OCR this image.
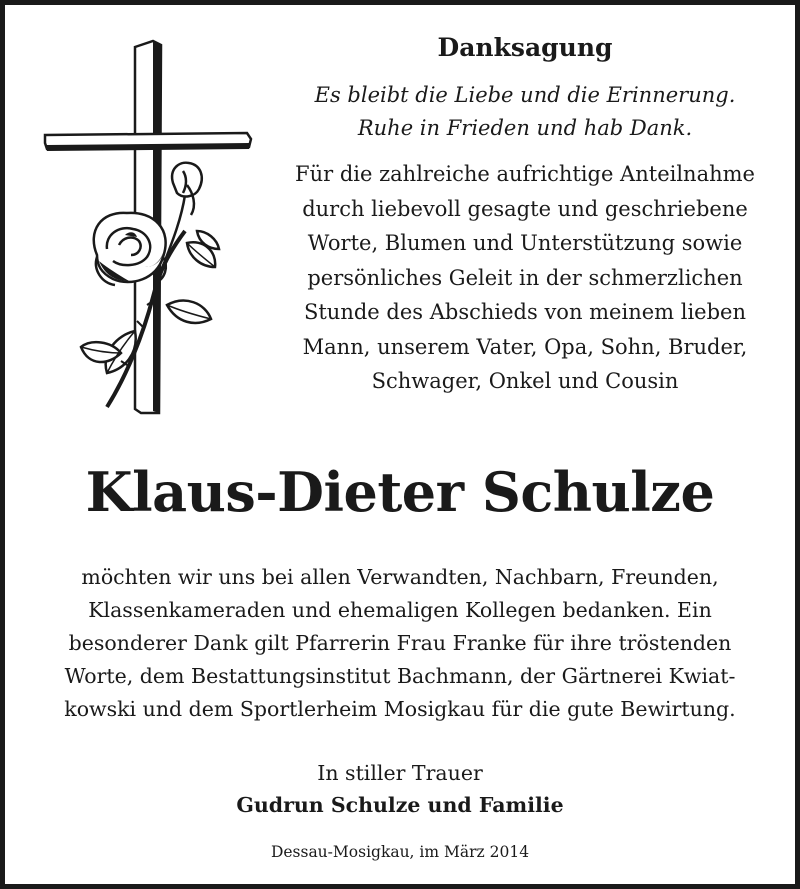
Danksagung
Es bleibt die Liebe und die Erinnerung.
Ruhe in Frieden und hab Dank.
Für die zahlreiche aufrichtige Anteilnahme
durch liebevoll gesagte und geschriebene
Worte, Blumen und Unterstützung sowie
persönliches Geleit in der schmerzlichen
Stunde des Abschieds von meinem lieben
Mann, unserem Vater, Opa, Sohn, Bruder,
Schwager, Onkel und Cousin
Klaus-Dieter Schulze
möchten wir uns bei allen Verwandten, Nachbarn, Freunden,
Klassenkameraden und ehemaligen Kollegen bedanken. Ein
besonderer Dank gilt Pfarrerin Frau Franke für ihre tröstenden
Worte, dem Bestattungsinstitut Bachmann, der Gärtnerei Kwiat-
kowski und dem Sportlerheim Mosigkau für die gute Bewirtung.
In stiller Trauer
Gudrun Schulze und Familie
Dessau-Mosigkau, im März 2014
